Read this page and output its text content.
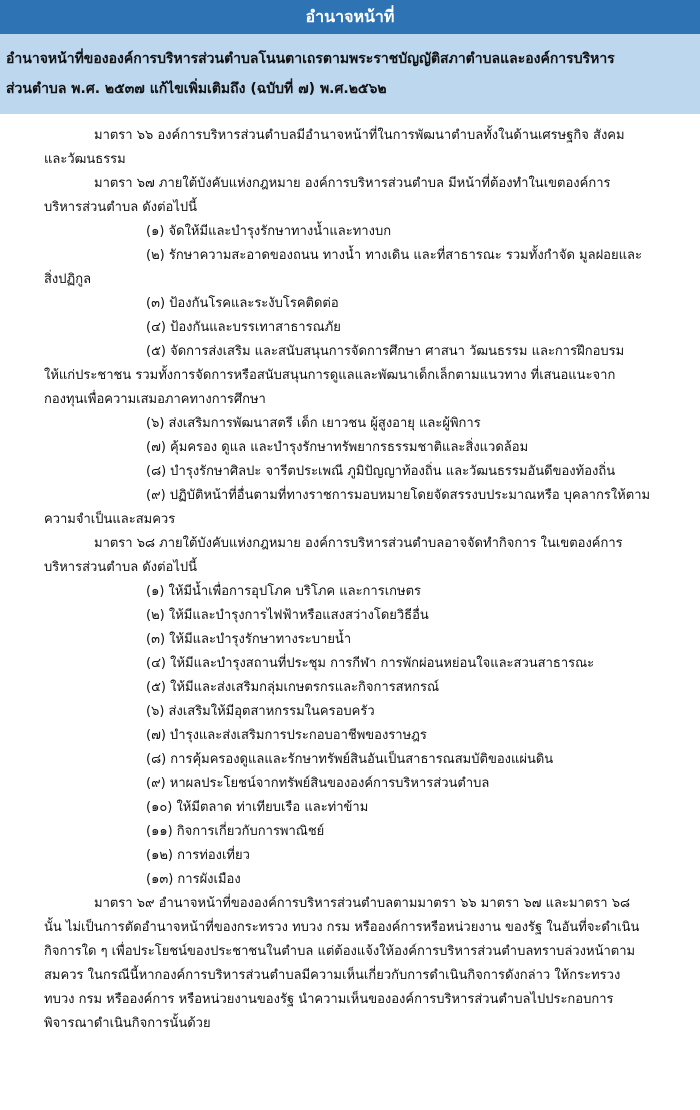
อำนาจหน้าที่
อำนาจหน้าที่ขององค์การบริหารส่วนตำบลโนนตาเถรตามพระราชบัญญัติสภาตำบลและองค์การบริหาร
ส่วนตำบล พ.ศ. ๒๕๓๗ แก้ไขเพิ่มเติมถึง (ฉบับที่ ๗) พ.ศ.๒๕๖๒
มาตรา ๖๖ องค์การบริหารส่วนตำบลมีอำนาจหน้าที่ในการพัฒนาตำบลทั้งในด้านเศรษฐกิจ สังคม
และวัฒนธรรม
มาตรา ๖๗ ภายใต้บังคับแห่งกฎหมาย องค์การบริหารส่วนตำบล มีหน้าที่ต้องทำในเขตองค์การ
บริหารส่วนตำบล ดังต่อไปนี้
(๑) จัดให้มีและบำรุงรักษาทางน้ำและทางบก
(๒) รักษาความสะอาดของถนน ทางน้ำ ทางเดิน และที่สาธารณะ รวมทั้งกำจัด มูลฝอยและ
สิ่งปฏิกูล
(๓) ป้องกันโรคและระงับโรคติดต่อ
(๔) ป้องกันและบรรเทาสาธารณภัย
(๕) จัดการส่งเสริม และสนับสนุนการจัดการศึกษา ศาสนา วัฒนธรรม และการฝึกอบรม
ให้แก่ประชาชน รวมทั้งการจัดการหรือสนับสนุนการดูแลและพัฒนาเด็กเล็กตามแนวทาง ที่เสนอแนะจาก
กองทุนเพื่อความเสมอภาคทางการศึกษา
(๖) ส่งเสริมการพัฒนาสตรี เด็ก เยาวชน ผู้สูงอายุ และผู้พิการ
(๗) คุ้มครอง ดูแล และบำรุงรักษาทรัพยากรธรรมชาติและสิ่งแวดล้อม
(๘) บำรุงรักษาศิลปะ จารีตประเพณี ภูมิปัญญาท้องถิ่น และวัฒนธรรมอันดีของท้องถิ่น
(๙) ปฏิบัติหน้าที่อื่นตามที่ทางราชการมอบหมายโดยจัดสรรงบประมาณหรือ บุคลากรให้ตาม
ความจำเป็นและสมควร
มาตรา ๖๘ ภายใต้บังคับแห่งกฎหมาย องค์การบริหารส่วนตำบลอาจจัดทำกิจการ ในเขตองค์การ
บริหารส่วนตำบล ดังต่อไปนี้
(๑) ให้มีน้ำเพื่อการอุปโภค บริโภค และการเกษตร
(๒) ให้มีและบำรุงการไฟฟ้าหรือแสงสว่างโดยวิธีอื่น
(๓) ให้มีและบำรุงรักษาทางระบายน้ำ
(๔) ให้มีและบำรุงสถานที่ประชุม การกีฬา การพักผ่อนหย่อนใจและสวนสาธารณะ
(๕) ให้มีและส่งเสริมกลุ่มเกษตรกรและกิจการสหกรณ์
(๖) ส่งเสริมให้มีอุตสาหกรรมในครอบครัว
(๗) บำรุงและส่งเสริมการประกอบอาชีพของราษฎร
(๘) การคุ้มครองดูแลและรักษาทรัพย์สินอันเป็นสาธารณสมบัติของแผ่นดิน
(๙) หาผลประโยชน์จากทรัพย์สินขององค์การบริหารส่วนตำบล
(๑๐) ให้มีตลาด ท่าเทียบเรือ และท่าข้าม
(๑๑) กิจการเกี่ยวกับการพาณิชย์
(๑๒) การท่องเที่ยว
(๑๓) การผังเมือง
มาตรา ๖๙ อำนาจหน้าที่ขององค์การบริหารส่วนตำบลตามมาตรา ๖๖ มาตรา ๖๗ และมาตรา ๖๘
นั้น ไม่เป็นการตัดอำนาจหน้าที่ของกระทรวง ทบวง กรม หรือองค์การหรือหน่วยงาน ของรัฐ ในอันที่จะดำเนิน
กิจการใด ๆ เพื่อประโยชน์ของประชาชนในตำบล แต่ต้องแจ้งให้องค์การบริหารส่วนตำบลทราบล่วงหน้าตาม
สมควร ในกรณีนี้หากองค์การบริหารส่วนตำบลมีความเห็นเกี่ยวกับการดำเนินกิจการดังกล่าว ให้กระทรวง
ทบวง กรม หรือองค์การ หรือหน่วยงานของรัฐ นำความเห็นขององค์การบริหารส่วนตำบลไปประกอบการ
พิจารณาดำเนินกิจการนั้นด้วย
